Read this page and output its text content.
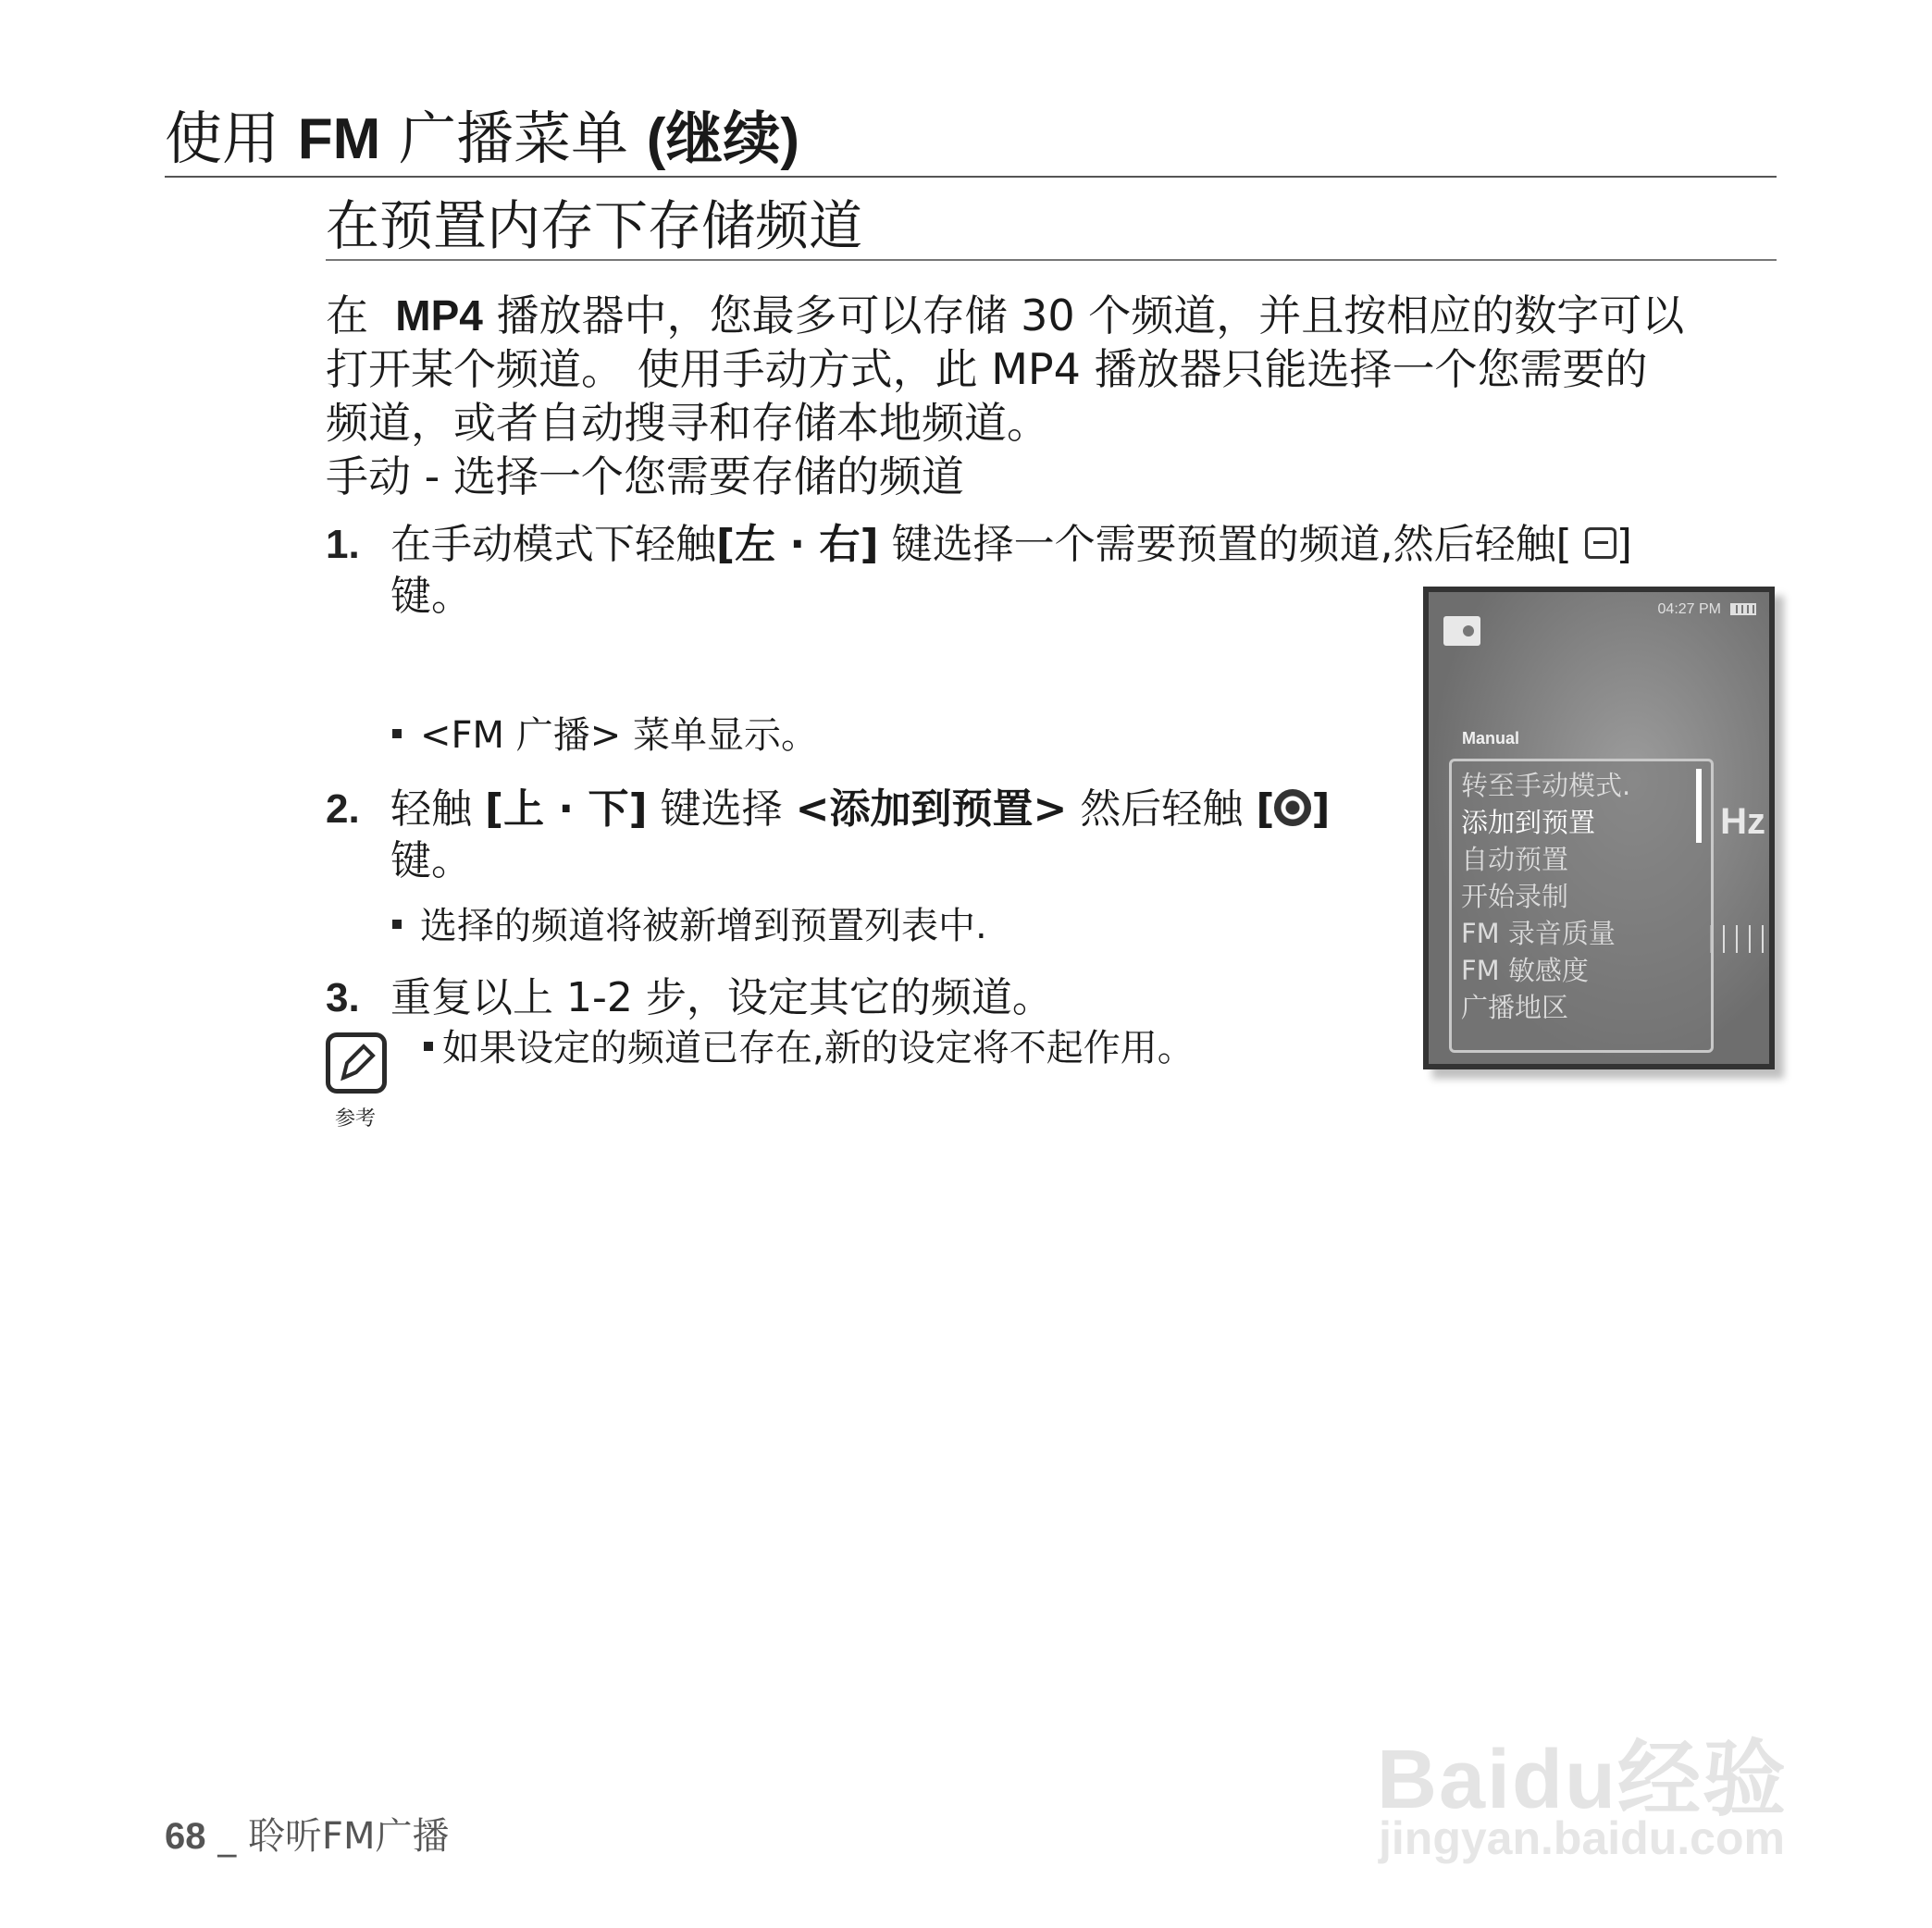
使用 FM 广播菜单 (继续)
在预置内存下存储频道
在 MP4 播放器中，您最多可以存储 30 个频道，并且按相应的数字可以
打开某个频道。 使用手动方式，此 MP4 播放器只能选择一个您需要的
频道，或者自动搜寻和存储本地频道。
手动 - 选择一个您需要存储的频道
1. 在手动模式下轻触[左 · 右] 键选择一个需要预置的频道,然后轻触[ ]
键。
<FM 广播> 菜单显示。
2. 轻触 [上 · 下] 键选择 <添加到预置> 然后轻触 [ ]
键。
选择的频道将被新增到预置列表中.
3. 重复以上 1-2 步，设定其它的频道。
参考
如果设定的频道已存在,新的设定将不起作用。
04:27 PM
Manual
Hz
转至手动模式.
添加到预置
自动预置
开始录制
FM 录音质量
FM 敏感度
广播地区
68 _ 聆听FM广播
Baidu经验
jingyan.baidu.com
